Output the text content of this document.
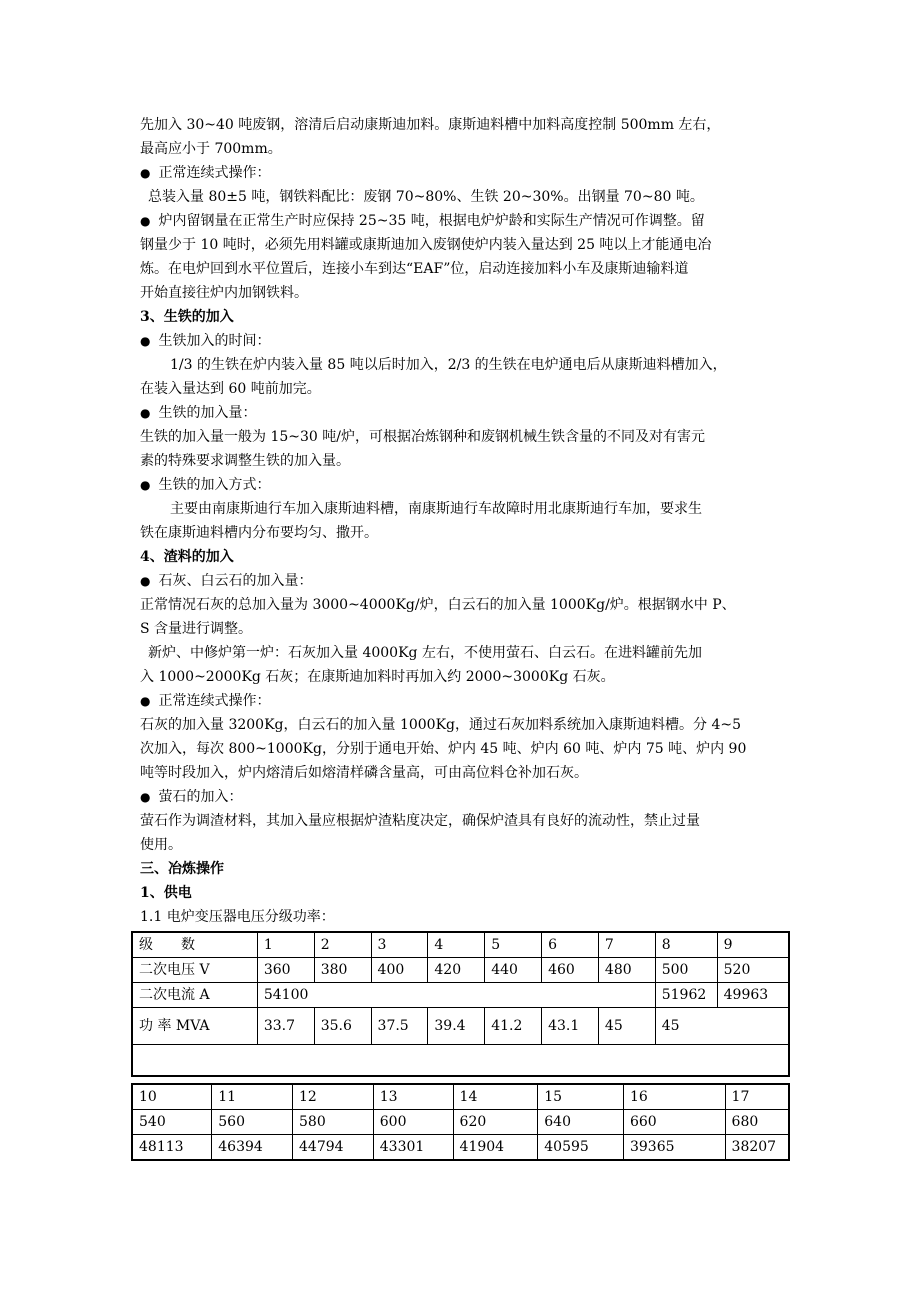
先加入 30~40 吨废钢，溶清后启动康斯迪加料。康斯迪料槽中加料高度控制 500mm 左右，
最高应小于 700mm。
● 正常连续式操作：
总装入量 80±5 吨，钢铁料配比：废钢 70~80%、生铁 20~30%。出钢量 70~80 吨。
● 炉内留钢量在正常生产时应保持 25~35 吨，根据电炉炉龄和实际生产情况可作调整。留
钢量少于 10 吨时，必须先用料罐或康斯迪加入废钢使炉内装入量达到 25 吨以上才能通电冶
炼。在电炉回到水平位置后，连接小车到达“EAF”位，启动连接加料小车及康斯迪输料道
开始直接往炉内加钢铁料。
3、生铁的加入
● 生铁加入的时间：
1/3 的生铁在炉内装入量 85 吨以后时加入，2/3 的生铁在电炉通电后从康斯迪料槽加入，
在装入量达到 60 吨前加完。
● 生铁的加入量：
生铁的加入量一般为 15~30 吨/炉，可根据冶炼钢种和废钢机械生铁含量的不同及对有害元
素的特殊要求调整生铁的加入量。
● 生铁的加入方式：
主要由南康斯迪行车加入康斯迪料槽，南康斯迪行车故障时用北康斯迪行车加，要求生
铁在康斯迪料槽内分布要均匀、撒开。
4、渣料的加入
● 石灰、白云石的加入量：
正常情况石灰的总加入量为 3000~4000Kg/炉，白云石的加入量 1000Kg/炉。根据钢水中 P、
S 含量进行调整。
新炉、中修炉第一炉：石灰加入量 4000Kg 左右，不使用萤石、白云石。在进料罐前先加
入 1000~2000Kg 石灰；在康斯迪加料时再加入约 2000~3000Kg 石灰。
● 正常连续式操作：
石灰的加入量 3200Kg，白云石的加入量 1000Kg，通过石灰加料系统加入康斯迪料槽。分 4~5
次加入，每次 800~1000Kg，分别于通电开始、炉内 45 吨、炉内 60 吨、炉内 75 吨、炉内 90
吨等时段加入，炉内熔清后如熔清样磷含量高，可由高位料仓补加石灰。
● 萤石的加入：
萤石作为调渣材料，其加入量应根据炉渣粘度决定，确保炉渣具有良好的流动性，禁止过量
使用。
三、冶炼操作
1、供电
1.1 电炉变压器电压分级功率：
级　　数	1	2	3	4	5	6	7	8	9
二次电压 V	360	380	400	420	440	460	480	500	520
二次电流 A	54100							51962	49963
功 率 MVA	33.7	35.6	37.5	39.4	41.2	43.1	45	45	

10	11	12	13	14	15	16	17
540	560	580	600	620	640	660	680
48113	46394	44794	43301	41904	40595	39365	38207
